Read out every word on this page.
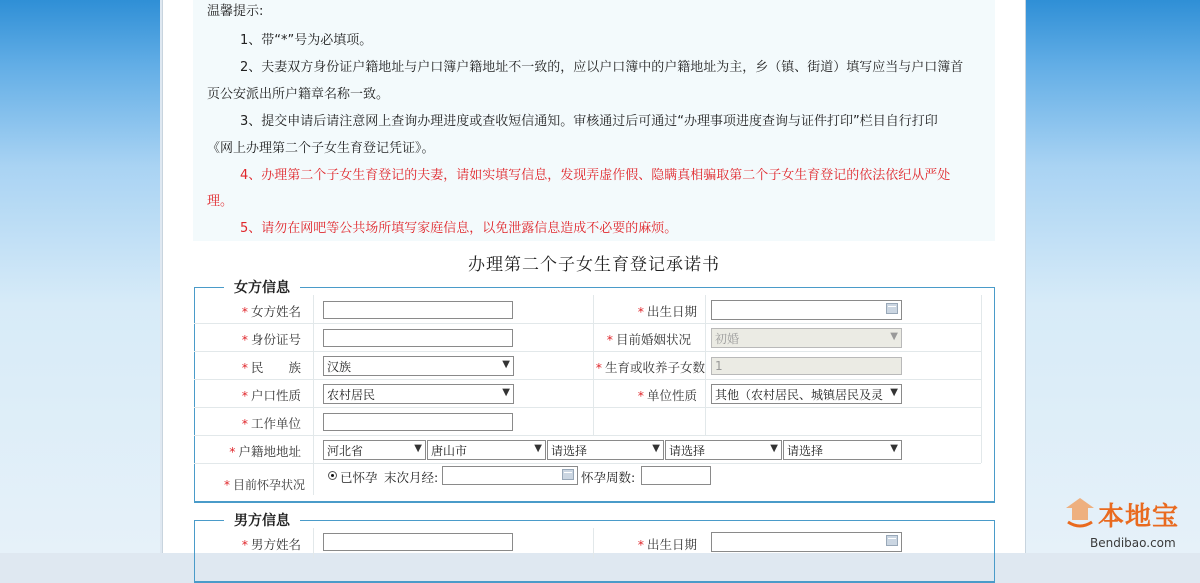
温馨提示:
1、带“*”号为必填项。
2、夫妻双方身份证户籍地址与户口簿户籍地址不一致的，应以户口簿中的户籍地址为主，乡（镇、街道）填写应当与户口簿首
页公安派出所户籍章名称一致。
3、提交申请后请注意网上查询办理进度或查收短信通知。审核通过后可通过“办理事项进度查询与证件打印”栏目自行打印
《网上办理第二个子女生育登记凭证》。
4、办理第二个子女生育登记的夫妻，请如实填写信息，发现弄虚作假、隐瞒真相骗取第二个子女生育登记的依法依纪从严处
理。
5、请勿在网吧等公共场所填写家庭信息，以免泄露信息造成不必要的麻烦。
办理第二个子女生育登记承诺书
女方信息
* 女方姓名	* 出生日期
* 身份证号	* 目前婚姻状况	初婚	▼
* 民　　族	汉族	▼	* 生育或收养子女数 1
* 户口性质	农村居民	▼	* 单位性质	其他（农村居民、城镇居民及灵 ▼
* 工作单位
* 户籍地地址	河北省	▼ 唐山市	▼ 请选择	▼ 请选择	▼ 请选择	▼
* 目前怀孕状况	已怀孕 末次月经:	怀孕周数:
男方信息
* 男方姓名	* 出生日期
本地宝
Bendibao.com
